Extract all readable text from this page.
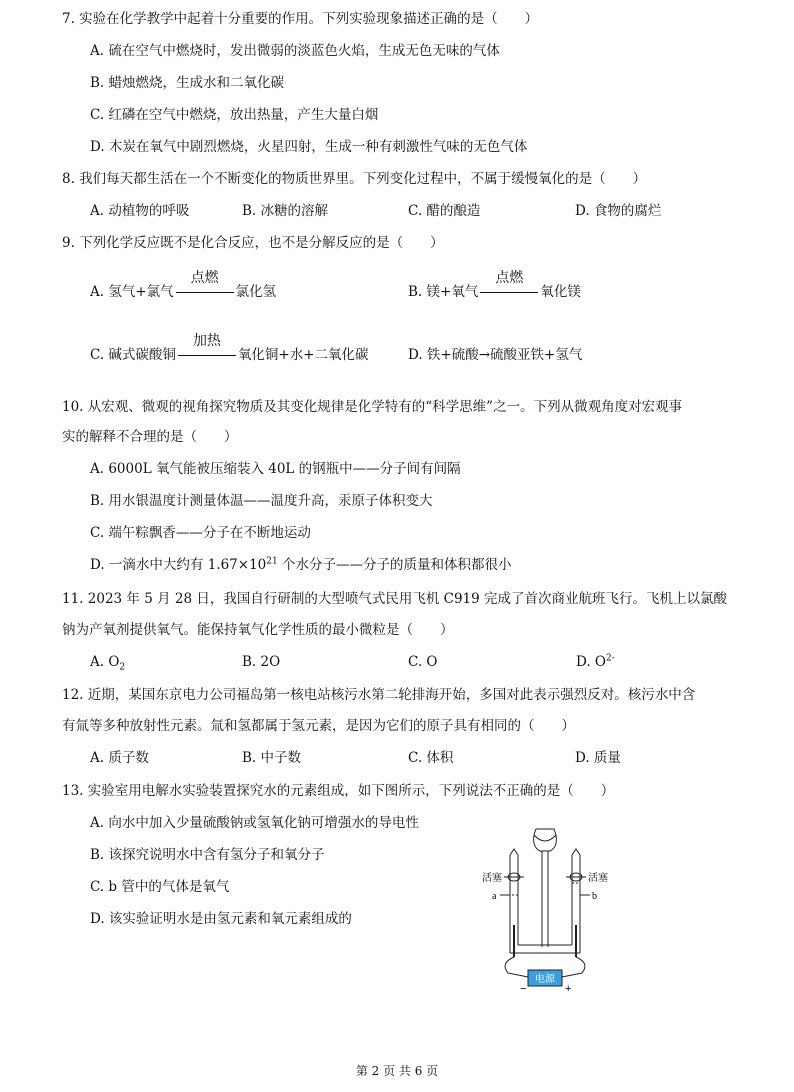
7. 实验在化学教学中起着十分重要的作用。下列实验现象描述正确的是（　　）
A. 硫在空气中燃烧时，发出微弱的淡蓝色火焰，生成无色无味的气体
B. 蜡烛燃烧，生成水和二氧化碳
C. 红磷在空气中燃烧，放出热量，产生大量白烟
D. 木炭在氧气中剧烈燃烧，火星四射，生成一种有刺激性气味的无色气体
8. 我们每天都生活在一个不断变化的物质世界里。下列变化过程中，不属于缓慢氧化的是（　　）
A. 动植物的呼吸	B. 冰糖的溶解	C. 醋的酿造	D. 食物的腐烂
9. 下列化学反应既不是化合反应，也不是分解反应的是（　　）
A. 氢气+氯气
点燃
氯化氢	B. 镁+氧气
点燃
氧化镁
C. 碱式碳酸铜
加热
氧化铜+水+二氧化碳	D. 铁+硫酸→硫酸亚铁+氢气
10. 从宏观、微观的视角探究物质及其变化规律是化学特有的“科学思维”之一。下列从微观角度对宏观事
实的解释不合理的是（　　）
A. 6000L 氧气能被压缩装入 40L 的钢瓶中——分子间有间隔
B. 用水银温度计测量体温——温度升高，汞原子体积变大
C. 端午粽飘香——分子在不断地运动
D. 一滴水中大约有 $1.67\times 10^{21}$ 个水分子——分子的质量和体积都很小
11. 2023 年 5 月 28 日，我国自行研制的大型喷气式民用飞机 C919 完成了首次商业航班飞行。飞机上以氯酸
钠为产氧剂提供氧气。能保持氧气化学性质的最小微粒是（　　）
A. $O_2$	B. 2O	C. O	D. $O^{2-}$
12. 近期，某国东京电力公司福岛第一核电站核污水第二轮排海开始，多国对此表示强烈反对。核污水中含
有氚等多种放射性元素。氚和氢都属于氢元素，是因为它们的原子具有相同的（　　）
A. 质子数	B. 中子数	C. 体积	D. 质量
13. 实验室用电解水实验装置探究水的元素组成，如下图所示，下列说法不正确的是（　　）
A. 向水中加入少量硫酸钠或氢氧化钠可增强水的导电性
B. 该探究说明水中含有氢分子和氧分子
C. b 管中的气体是氧气
D. 该实验证明水是由氢元素和氧元素组成的
电源
−	+
活塞	活塞
a	b
第 2 页 共 6 页
